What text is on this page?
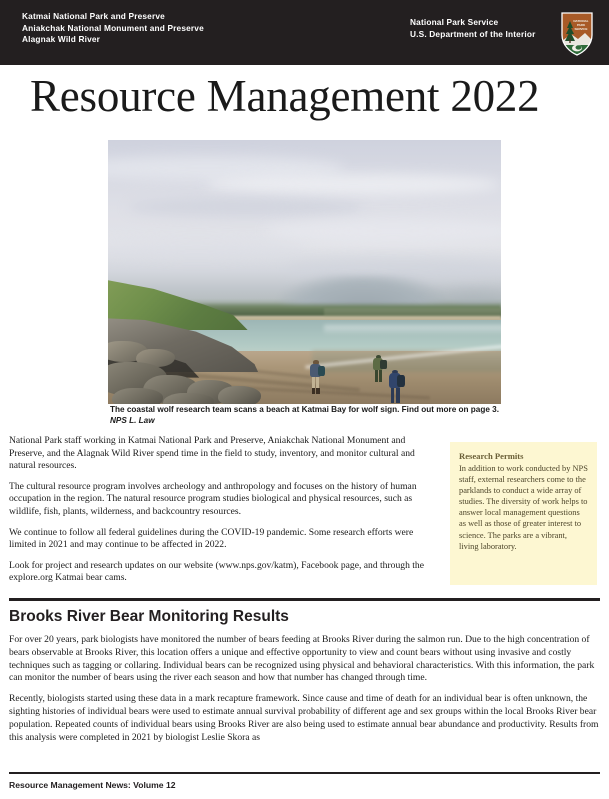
Katmai National Park and Preserve
Aniakchak National Monument and Preserve
Alagnak Wild River
National Park Service
U.S. Department of the Interior
NATIONAL
PARK
SERVICE
Resource Management 2022
The coastal wolf research team scans a beach at Katmai Bay for wolf sign. Find out more on page 3. NPS L. Law

National Park staff working in Katmai National Park and Preserve, Aniakchak National Monument and Preserve, and the Alagnak Wild River spend time in the field to study, inventory, and monitor cultural and natural resources.

The cultural resource program involves archeology and anthropology and focuses on the history of human occupation in the region. The natural resource program studies biological and physical resources, such as wildlife, fish, plants, wilderness, and backcountry resources.

We continue to follow all federal guidelines during the COVID-19 pandemic. Some research efforts were limited in 2021 and may continue to be affected in 2022.

Look for project and research updates on our website (www.nps.gov/katm), Facebook page, and through the explore.org Katmai bear cams.

Research Permits

In addition to work conducted by NPS staff, external researchers come to the parklands to conduct a wide array of studies. The diversity of work helps to answer local management questions as well as those of greater interest to science. The parks are a vibrant, living laboratory.

Brooks River Bear Monitoring Results

For over 20 years, park biologists have monitored the number of bears feeding at Brooks River during the salmon run. Due to the high concentration of bears observable at Brooks River, this location offers a unique and effective opportunity to view and count bears without using invasive and costly techniques such as tagging or collaring. Individual bears can be recognized using physical and behavioral characteristics. With this information, the park can monitor the number of bears using the river each season and how that number has changed through time.

Recently, biologists started using these data in a mark recapture framework. Since cause and time of death for an individual bear is often unknown, the sighting histories of individual bears were used to estimate annual survival probability of different age and sex groups within the local Brooks River bear population. Repeated counts of individual bears using Brooks River are also being used to estimate annual bear abundance and productivity. Results from this analysis were completed in 2021 by biologist Leslie Skora as

Resource Management News: Volume 12
